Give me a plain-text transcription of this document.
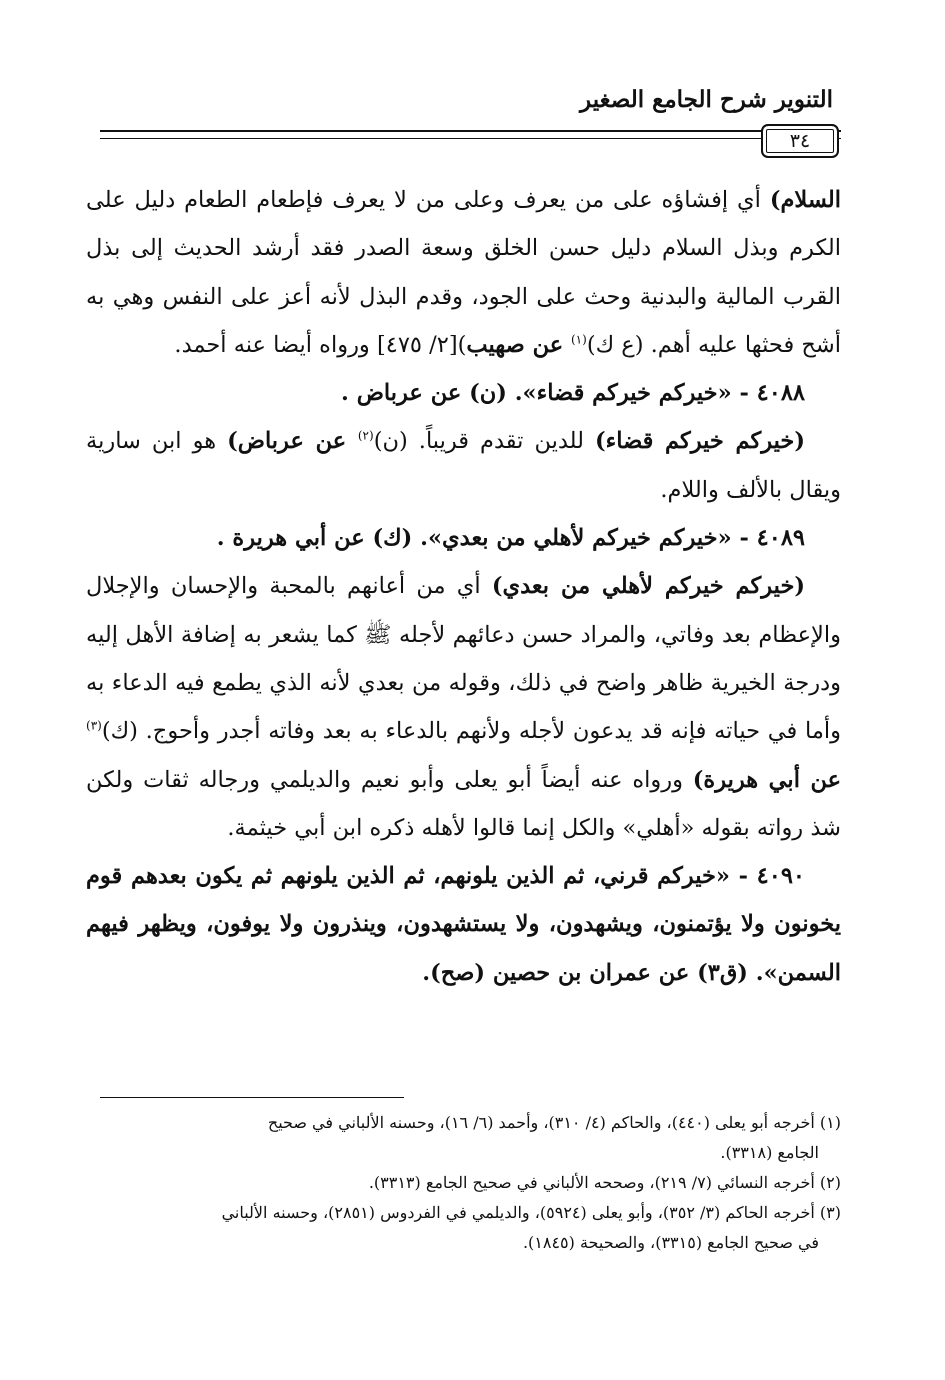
التنوير شرح الجامع الصغير
٣٤

السلام) أي إفشاؤه على من يعرف وعلى من لا يعرف فإطعام الطعام دليل على الكرم وبذل السلام دليل حسن الخلق وسعة الصدر فقد أرشد الحديث إلى بذل القرب المالية والبدنية وحث على الجود، وقدم البذل لأنه أعز على النفس وهي به أشح فحثها عليه أهم. (ع ك)$^{(١)}$ عن صهيب)[٢/ ٤٧٥] ورواه أيضا عنه أحمد.

٤٠٨٨ - «خيركم خيركم قضاء». (ن) عن عرباض .

(خيركم خيركم قضاء) للدين تقدم قريباً. (ن)$^{(٢)}$ عن عرباض) هو ابن سارية ويقال بالألف واللام.

٤٠٨٩ - «خيركم خيركم لأهلي من بعدي». (ك) عن أبي هريرة .

(خيركم خيركم لأهلي من بعدي) أي من أعانهم بالمحبة والإحسان والإجلال والإعظام بعد وفاتي، والمراد حسن دعائهم لأجله ﷺ كما يشعر به إضافة الأهل إليه ودرجة الخيرية ظاهر واضح في ذلك، وقوله من بعدي لأنه الذي يطمع فيه الدعاء به وأما في حياته فإنه قد يدعون لأجله ولأنهم بالدعاء به بعد وفاته أجدر وأحوج. (ك)$^{(٣)}$ عن أبي هريرة) ورواه عنه أيضاً أبو يعلى وأبو نعيم والديلمي ورجاله ثقات ولكن شذ رواته بقوله «أهلي» والكل إنما قالوا لأهله ذكره ابن أبي خيثمة.

٤٠٩٠ - «خيركم قرني، ثم الذين يلونهم، ثم الذين يلونهم ثم يكون بعدهم قوم يخونون ولا يؤتمنون، ويشهدون، ولا يستشهدون، وينذرون ولا يوفون، ويظهر فيهم السمن». (ق٣) عن عمران بن حصين (صح).

(١) أخرجه أبو يعلى (٤٤٠)، والحاكم (٤/ ٣١٠)، وأحمد (٦/ ١٦)، وحسنه الألباني في صحيح

الجامع (٣٣١٨).

(٢) أخرجه النسائي (٧/ ٢١٩)، وصححه الألباني في صحيح الجامع (٣٣١٣).

(٣) أخرجه الحاكم (٣/ ٣٥٢)، وأبو يعلى (٥٩٢٤)، والديلمي في الفردوس (٢٨٥١)، وحسنه الألباني

في صحيح الجامع (٣٣١٥)، والصحيحة (١٨٤٥).
